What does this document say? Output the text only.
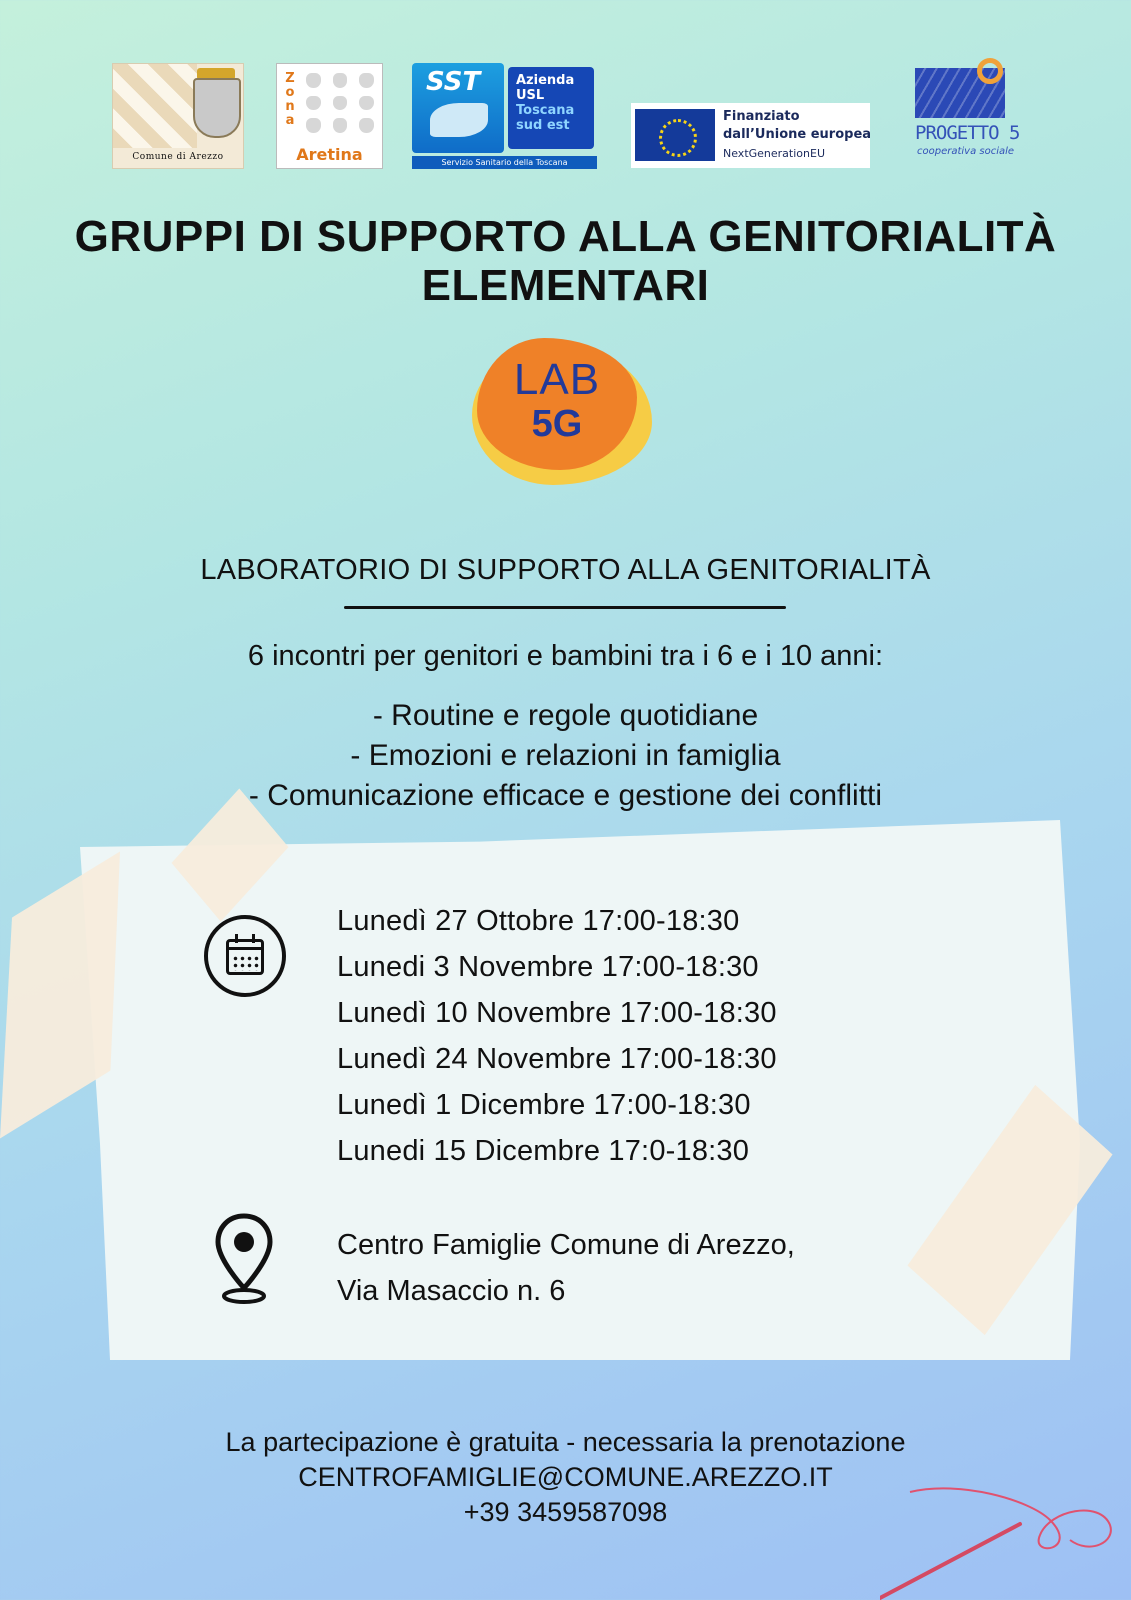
Comune di Arezzo
Z
o
n
a
Aretina
SST	Azienda
USL
Toscana
sud est
Servizio Sanitario della Toscana
Finanziato
dall’Unione europea
NextGenerationEU
PROGETTO 5
cooperativa sociale
GRUPPI DI SUPPORTO ALLA GENITORIALITÀ
ELEMENTARI
LAB
5G
LABORATORIO DI SUPPORTO ALLA GENITORIALITÀ
6 incontri per genitori e bambini tra i 6 e i 10 anni:
- Routine e regole quotidiane
- Emozioni e relazioni in famiglia
- Comunicazione efficace e gestione dei conflitti
Lunedì 27 Ottobre 17:00-18:30
Lunedi 3 Novembre 17:00-18:30
Lunedì 10 Novembre 17:00-18:30
Lunedì 24 Novembre 17:00-18:30
Lunedì 1 Dicembre 17:00-18:30
Lunedi 15 Dicembre 17:0-18:30
Centro Famiglie Comune di Arezzo,
Via Masaccio n. 6
La partecipazione è gratuita - necessaria la prenotazione
CENTROFAMIGLIE@COMUNE.AREZZO.IT
+39 3459587098
